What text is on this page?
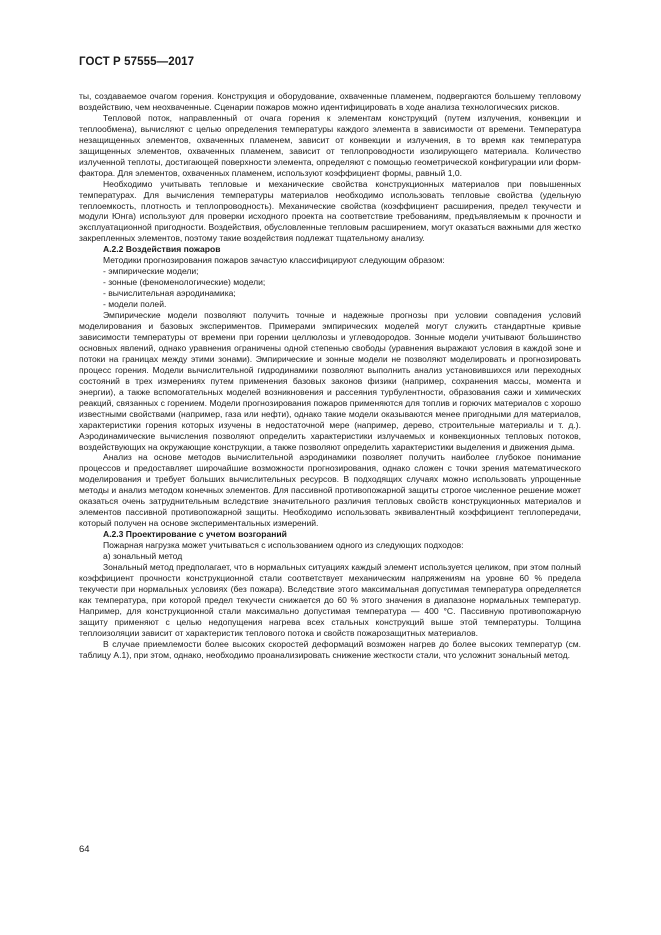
ГОСТ Р 57555—2017

ты, создаваемое очагом горения. Конструкция и оборудование, охваченные пламенем, подвергаются большему тепловому воздействию, чем неохваченные. Сценарии пожаров можно идентифицировать в ходе анализа технологических рисков.

Тепловой поток, направленный от очага горения к элементам конструкций (путем излучения, конвекции и теплообмена), вычисляют с целью определения температуры каждого элемента в зависимости от времени. Температура незащищенных элементов, охваченных пламенем, зависит от конвекции и излучения, в то время как температура защищенных элементов, охваченных пламенем, зависит от теплопроводности изолирующего материала. Количество излученной теплоты, достигающей поверхности элемента, определяют с помощью геометрической конфигурации или форм-фактора. Для элементов, охваченных пламенем, используют коэффициент формы, равный 1,0.

Необходимо учитывать тепловые и механические свойства конструкционных материалов при повышенных температурах. Для вычисления температуры материалов необходимо использовать тепловые свойства (удельную теплоемкость, плотность и теплопроводность). Механические свойства (коэффициент расширения, предел текучести и модули Юнга) используют для проверки исходного проекта на соответствие требованиям, предъявляемым к прочности и эксплуатационной пригодности. Воздействия, обусловленные тепловым расширением, могут оказаться важными для жестко закрепленных элементов, поэтому такие воздействия подлежат тщательному анализу.

А.2.2 Воздействия пожаров

Методики прогнозирования пожаров зачастую классифицируют следующим образом:

- эмпирические модели;

- зонные (феноменологические) модели;

- вычислительная аэродинамика;

- модели полей.

Эмпирические модели позволяют получить точные и надежные прогнозы при условии совпадения условий моделирования и базовых экспериментов. Примерами эмпирических моделей могут служить стандартные кривые зависимости температуры от времени при горении целлюлозы и углеводородов. Зонные модели учитывают большинство основных явлений, однако уравнения ограничены одной степенью свободы (уравнения выражают условия в каждой зоне и потоки на границах между этими зонами). Эмпирические и зонные модели не позволяют моделировать и прогнозировать процесс горения. Модели вычислительной гидродинамики позволяют выполнить анализ установившихся или переходных состояний в трех измерениях путем применения базовых законов физики (например, сохранения массы, момента и энергии), а также вспомогательных моделей возникновения и рассеяния турбулентности, образования сажи и химических реакций, связанных с горением. Модели прогнозирования пожаров применяются для топлив и горючих материалов с хорошо известными свойствами (например, газа или нефти), однако такие модели оказываются менее пригодными для материалов, характеристики горения которых изучены в недостаточной мере (например, дерево, строительные материалы и т. д.). Аэродинамические вычисления позволяют определить характеристики излучаемых и конвекционных тепловых потоков, воздействующих на окружающие конструкции, а также позволяют определить характеристики выделения и движения дыма.

Анализ на основе методов вычислительной аэродинамики позволяет получить наиболее глубокое понимание процессов и предоставляет широчайшие возможности прогнозирования, однако сложен с точки зрения математического моделирования и требует больших вычислительных ресурсов. В подходящих случаях можно использовать упрощенные методы и анализ методом конечных элементов. Для пассивной противопожарной защиты строгое численное решение может оказаться очень затруднительным вследствие значительного различия тепловых свойств конструкционных материалов и элементов пассивной противопожарной защиты. Необходимо использовать эквивалентный коэффициент теплопередачи, который получен на основе экспериментальных измерений.

А.2.3 Проектирование с учетом возгораний

Пожарная нагрузка может учитываться с использованием одного из следующих подходов:

а) зональный метод

Зональный метод предполагает, что в нормальных ситуациях каждый элемент используется целиком, при этом полный коэффициент прочности конструкционной стали соответствует механическим напряжениям на уровне 60 % предела текучести при нормальных условиях (без пожара). Вследствие этого максимальная допустимая температура определяется как температура, при которой предел текучести снижается до 60 % этого значения в диапазоне нормальных температур. Например, для конструкционной стали максимально допустимая температура — 400 °С. Пассивную противопожарную защиту применяют с целью недопущения нагрева всех стальных конструкций выше этой температуры. Толщина теплоизоляции зависит от характеристик теплового потока и свойств пожарозащитных материалов.

В случае приемлемости более высоких скоростей деформаций возможен нагрев до более высоких температур (см. таблицу А.1), при этом, однако, необходимо проанализировать снижение жесткости стали, что усложнит зональный метод.

64
